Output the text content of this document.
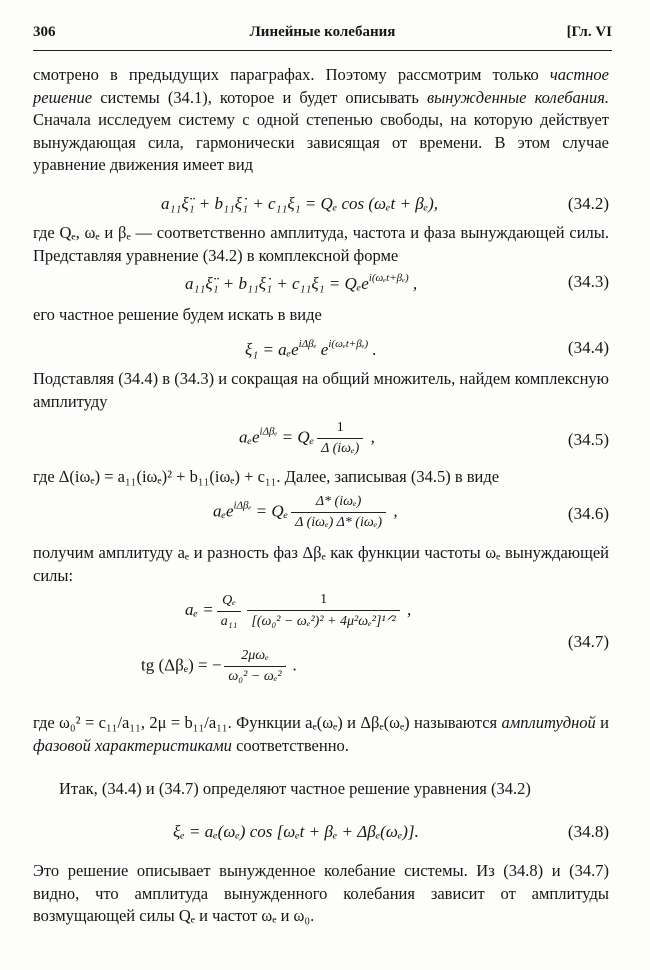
306	Линейные колебания	[Гл. VI
смотрено в предыдущих параграфах. Поэтому рассмотрим только частное решение системы (34.1), которое и будет описывать вынужденные колебания. Сначала исследуем систему с одной степенью свободы, на которую действует вынуждающая сила, гармонически зависящая от времени. В этом случае уравнение движения имеет вид
a₁₁ξ̈₁ + b₁₁ξ̇₁ + c₁₁ξ₁ = Qₑ cos (ωₑt + βₑ),	(34.2)
где Qₑ, ωₑ и βₑ — соответственно амплитуда, частота и фаза вынуждающей силы. Представляя уравнение (34.2) в комплексной форме
a₁₁ξ̈₁ + b₁₁ξ̇₁ + c₁₁ξ₁ = Qₑe$^{i(\omega_et+\beta_e)}$ ,	(34.3)
его частное решение будем искать в виде
ξ₁ = aₑe$^{i\Delta\beta_e}$ $e^{i(\omega_et+\beta_e)}$ .	(34.4)
Подставляя (34.4) в (34.3) и сокращая на общий множитель, найдем комплексную амплитуду
aₑe$^{i\Delta\beta_e}$ = Qₑ $\frac{1}{\text{Δ (iωₑ)}}$ ,	(34.5)
где Δ(iωₑ) = a₁₁(iωₑ)² + b₁₁(iωₑ) + c₁₁. Далее, записывая (34.5) в виде
aₑe$^{i\Delta\beta_e}$ = Qₑ $\frac{\text{Δ* (iωₑ)}}{\text{Δ (iωₑ) Δ* (iωₑ)}}$ ,	(34.6)
получим амплитуду aₑ и разность фаз Δβₑ как функции частоты ωₑ вынуждающей силы:
$a_e = \frac{\text{Qₑ}}{\text{a₁₁}} \frac{1}{\text{[(ω₀² − ωₑ²)² + 4μ²ωₑ²]¹ᐟ²}}$ ,
tg (Δβₑ) = − $\frac{\text{2μωₑ}}{\text{ω₀² − ωₑ²}}$ .
(34.7)
где ω₀² = c₁₁/a₁₁, 2μ = b₁₁/a₁₁. Функции aₑ(ωₑ) и Δβₑ(ωₑ) называются амплитудной и фазовой характеристиками соответственно.
Итак, (34.4) и (34.7) определяют частное решение уравнения (34.2)
ξₑ = aₑ(ωₑ) cos [ωₑt + βₑ + Δβₑ(ωₑ)].	(34.8)
Это решение описывает вынужденное колебание системы. Из (34.8) и (34.7) видно, что амплитуда вынужденного колебания зависит от амплитуды возмущающей силы Qₑ и частот ωₑ и ω₀.
